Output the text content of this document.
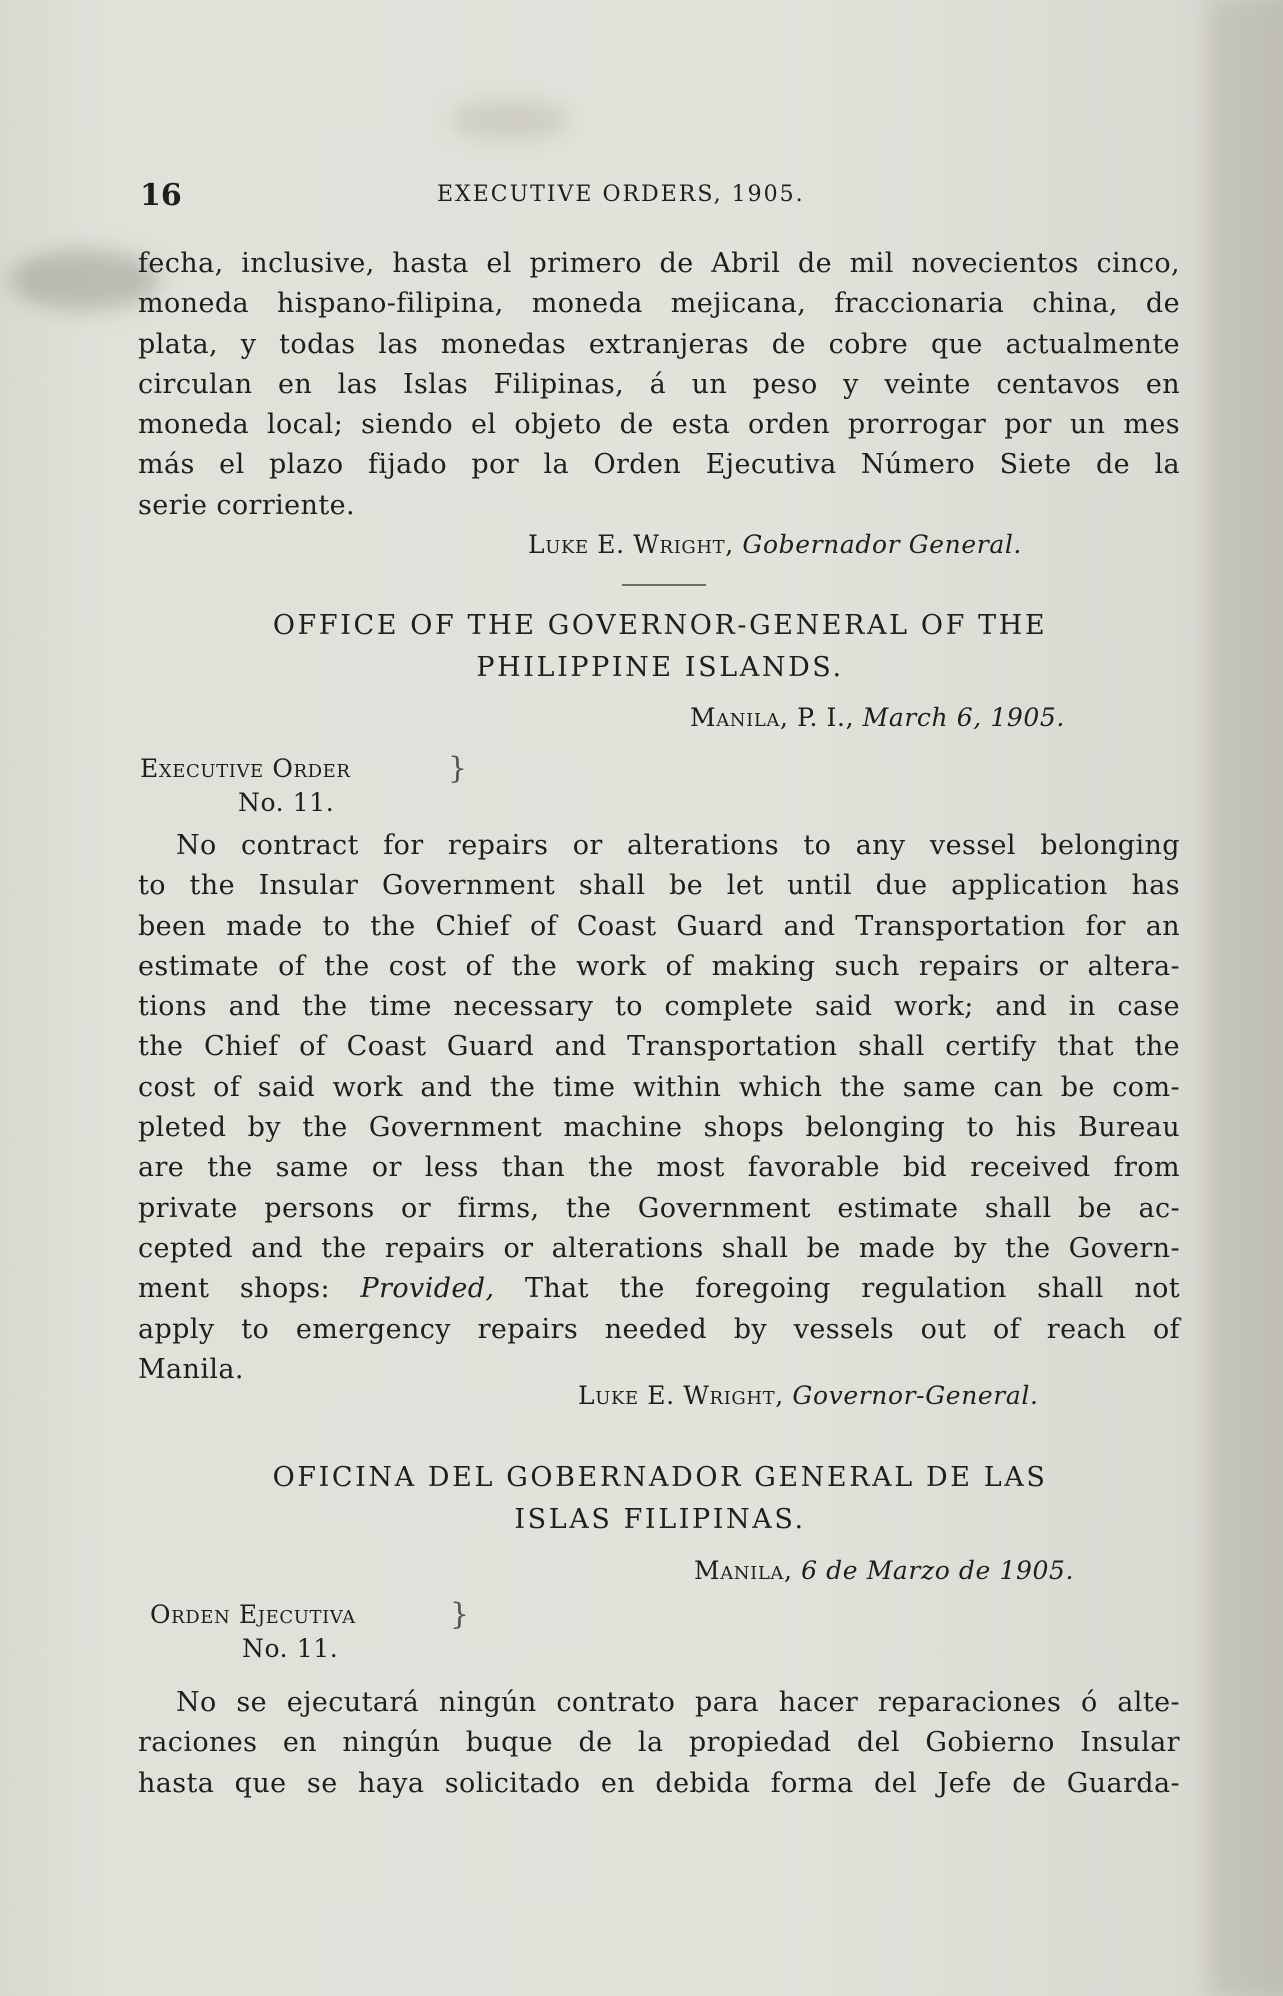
16	EXECUTIVE ORDERS, 1905.
fecha, inclusive, hasta el primero de Abril de mil novecientos cinco,
moneda hispano-filipina, moneda mejicana, fraccionaria china, de
plata, y todas las monedas extranjeras de cobre que actualmente
circulan en las Islas Filipinas, á un peso y veinte centavos en
moneda local; siendo el objeto de esta orden prorrogar por un mes
más el plazo fijado por la Orden Ejecutiva Número Siete de la
serie corriente.
Luke E. Wright, Gobernador General.
OFFICE OF THE GOVERNOR-GENERAL OF THE
PHILIPPINE ISLANDS.
Manila, P. I., March 6, 1905.
Executive Order
No. 11.
}
No contract for repairs or alterations to any vessel belonging
to the Insular Government shall be let until due application has
been made to the Chief of Coast Guard and Transportation for an
estimate of the cost of the work of making such repairs or altera-
tions and the time necessary to complete said work; and in case
the Chief of Coast Guard and Transportation shall certify that the
cost of said work and the time within which the same can be com-
pleted by the Government machine shops belonging to his Bureau
are the same or less than the most favorable bid received from
private persons or firms, the Government estimate shall be ac-
cepted and the repairs or alterations shall be made by the Govern-
ment shops: Provided, That the foregoing regulation shall not
apply to emergency repairs needed by vessels out of reach of
Manila.
Luke E. Wright, Governor-General.
OFICINA DEL GOBERNADOR GENERAL DE LAS
ISLAS FILIPINAS.
Manila, 6 de Marzo de 1905.
Orden Ejecutiva
No. 11.
}
No se ejecutará ningún contrato para hacer reparaciones ó alte-
raciones en ningún buque de la propiedad del Gobierno Insular
hasta que se haya solicitado en debida forma del Jefe de Guarda-
